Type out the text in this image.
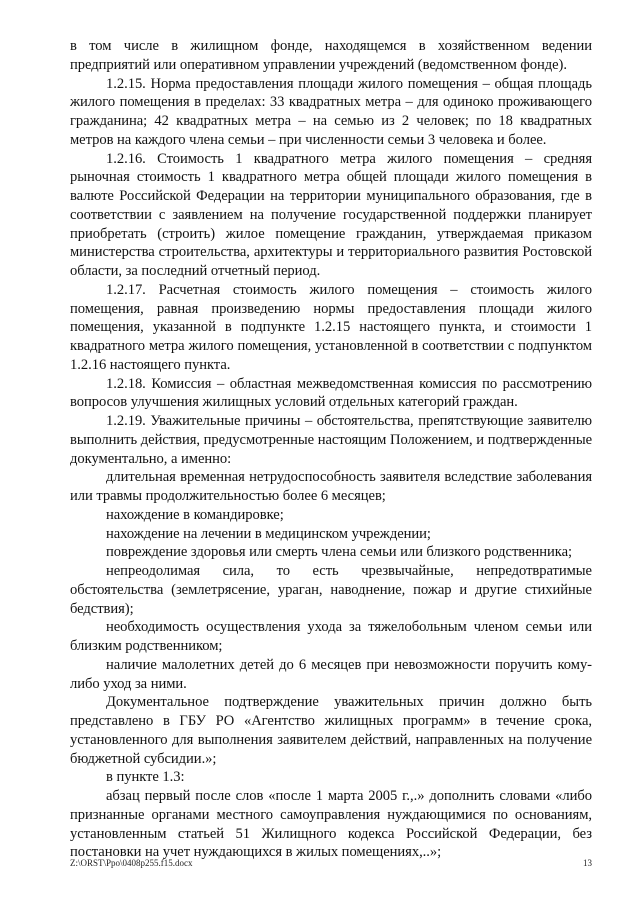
в том числе в жилищном фонде, находящемся в хозяйственном ведении предприятий или оперативном управлении учреждений (ведомственном фонде).

1.2.15. Норма предоставления площади жилого помещения – общая площадь жилого помещения в пределах: 33 квадратных метра – для одиноко проживающего гражданина; 42 квадратных метра – на семью из 2 человек; по 18 квадратных метров на каждого члена семьи – при численности семьи 3 человека и более.

1.2.16. Стоимость 1 квадратного метра жилого помещения – средняя рыночная стоимость 1 квадратного метра общей площади жилого помещения в валюте Российской Федерации на территории муниципального образования, где в соответствии с заявлением на получение государственной поддержки планирует приобретать (строить) жилое помещение гражданин, утверждаемая приказом министерства строительства, архитектуры и территориального развития Ростовской области, за последний отчетный период.

1.2.17. Расчетная стоимость жилого помещения – стоимость жилого помещения, равная произведению нормы предоставления площади жилого помещения, указанной в подпункте 1.2.15 настоящего пункта, и стоимости 1 квадратного метра жилого помещения, установленной в соответствии с подпунктом 1.2.16 настоящего пункта.

1.2.18. Комиссия – областная межведомственная комиссия по рассмотрению вопросов улучшения жилищных условий отдельных категорий граждан.

1.2.19. Уважительные причины – обстоятельства, препятствующие заявителю выполнить действия, предусмотренные настоящим Положением, и подтвержденные документально, а именно:

длительная временная нетрудоспособность заявителя вследствие заболевания или травмы продолжительностью более 6 месяцев;

нахождение в командировке;

нахождение на лечении в медицинском учреждении;

повреждение здоровья или смерть члена семьи или близкого родственника;

непреодолимая сила, то есть чрезвычайные, непредотвратимые обстоятельства (землетрясение, ураган, наводнение, пожар и другие стихийные бедствия);

необходимость осуществления ухода за тяжелобольным членом семьи или близким родственником;

наличие малолетних детей до 6 месяцев при невозможности поручить кому-либо уход за ними.

Документальное подтверждение уважительных причин должно быть представлено в ГБУ РО «Агентство жилищных программ» в течение срока, установленного для выполнения заявителем действий, направленных на получение бюджетной субсидии.»;

в пункте 1.3:

абзац первый после слов «после 1 марта 2005 г.,.» дополнить словами «либо признанные органами местного самоуправления нуждающимися по основаниям, установленным статьей 51 Жилищного кодекса Российской Федерации, без постановки на учет нуждающихся в жилых помещениях,..»;

Z:\ORST\Ppo\0408p255.f15.docx	13
